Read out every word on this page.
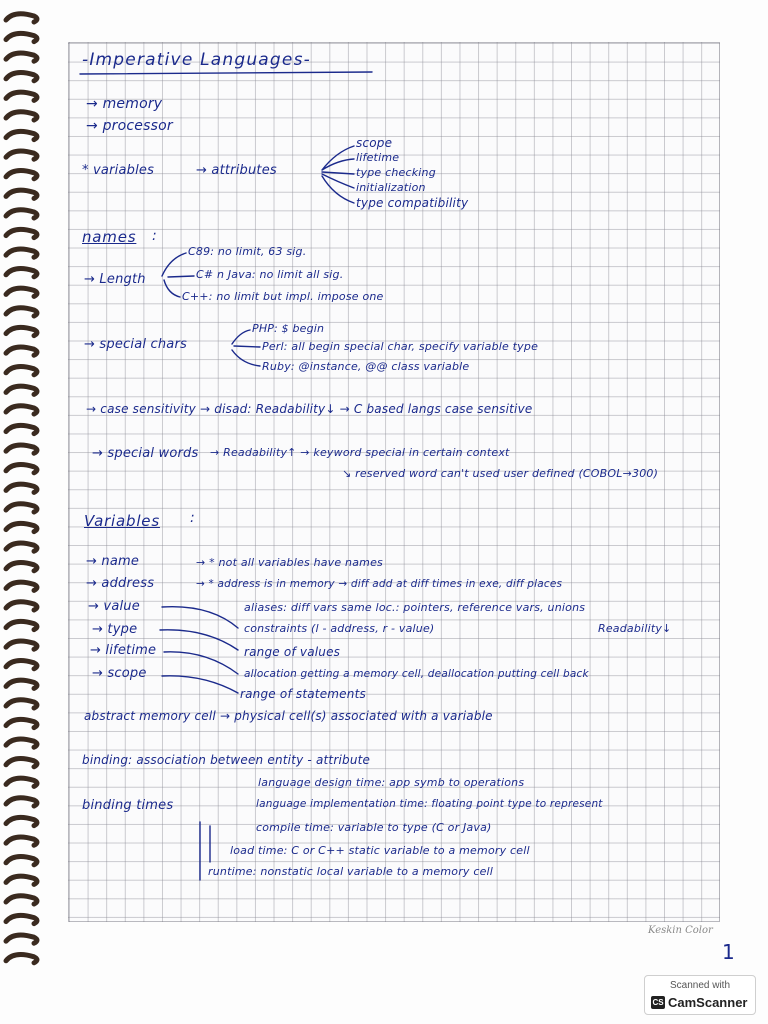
-Imperative Languages-
→ memory
→ processor
* variables	→ attributes
scope
lifetime
type checking
initialization
type compatibility
names :
→ Length
C89: no limit, 63 sig.
C# n Java: no limit all sig.
C++: no limit but impl. impose one
→ special chars
PHP: $ begin
Perl: all begin special char, specify variable type
Ruby: @instance, @@ class variable
→ case sensitivity → disad: Readability↓ → C based langs case sensitive
→ special words → Readability↑ → keyword special in certain context
↘ reserved word can't used user defined (COBOL→300)
Variables :
→ name	→ * not all variables have names
→ address	→ * address is in memory → diff add at diff times in exe, diff places
→ value	aliases: diff vars same loc.: pointers, reference vars, unions
→ type	constraints (l - address, r - value)	Readability↓
→ lifetime	range of values
→ scope	allocation getting a memory cell, deallocation putting cell back
range of statements
abstract memory cell → physical cell(s) associated with a variable
binding: association between entity - attribute
binding times
language design time: app symb to operations
language implementation time: floating point type to represent
compile time: variable to type (C or Java)
load time: C or C++ static variable to a memory cell
runtime: nonstatic local variable to a memory cell
Keskin Color
1
Scanned with
CS CamScanner
